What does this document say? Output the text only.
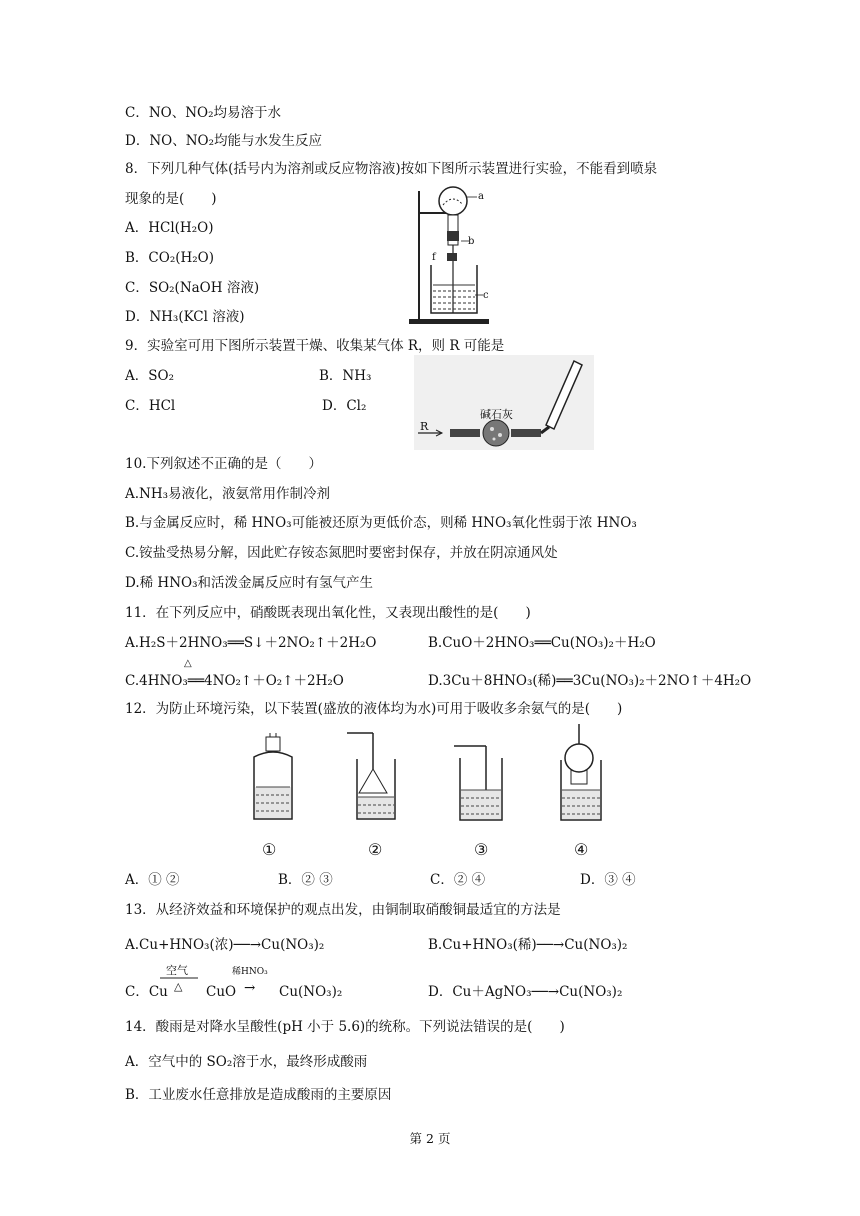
C．NO、NO₂均易溶于水
D．NO、NO₂均能与水发生反应
8．下列几种气体(括号内为溶剂或反应物溶液)按如下图所示装置进行实验，不能看到喷泉
现象的是(　　)
A．HCl(H₂O)
B．CO₂(H₂O)
C．SO₂(NaOH 溶液)
D．NH₃(KCl 溶液)
a
b
f
c
9．实验室可用下图所示装置干燥、收集某气体 R，则 R 可能是
A．SO₂	B．NH₃
C．HCl	D．Cl₂
碱石灰
R
10.下列叙述不正确的是（　　）
A.NH₃易液化，液氨常用作制冷剂
B.与金属反应时，稀 HNO₃可能被还原为更低价态，则稀 HNO₃氧化性弱于浓 HNO₃
C.铵盐受热易分解，因此贮存铵态氮肥时要密封保存，并放在阴凉通风处
D.稀 HNO₃和活泼金属反应时有氢气产生
11．在下列反应中，硝酸既表现出氧化性，又表现出酸性的是(　　)
A.H₂S＋2HNO₃══S↓＋2NO₂↑＋2H₂O	B.CuO＋2HNO₃══Cu(NO₃)₂＋H₂O
△
C.4HNO₃══4NO₂↑＋O₂↑＋2H₂O	D.3Cu＋8HNO₃(稀)══3Cu(NO₃)₂＋2NO↑＋4H₂O
12．为防止环境污染，以下装置(盛放的液体均为水)可用于吸收多余氨气的是(　　)
①	②	③	④
A．① ②	B．② ③	C．② ④	D．③ ④
13．从经济效益和环境保护的观点出发，由铜制取硝酸铜最适宜的方法是
A.Cu+HNO₃(浓)──→Cu(NO₃)₂	B.Cu+HNO₃(稀)──→Cu(NO₃)₂
空气
△
稀HNO₃
C．Cu	CuO → Cu(NO₃)₂	D．Cu＋AgNO₃──→Cu(NO₃)₂
14．酸雨是对降水呈酸性(pH 小于 5.6)的统称。下列说法错误的是(　　)
A．空气中的 SO₂溶于水，最终形成酸雨
B．工业废水任意排放是造成酸雨的主要原因
第 2 页
